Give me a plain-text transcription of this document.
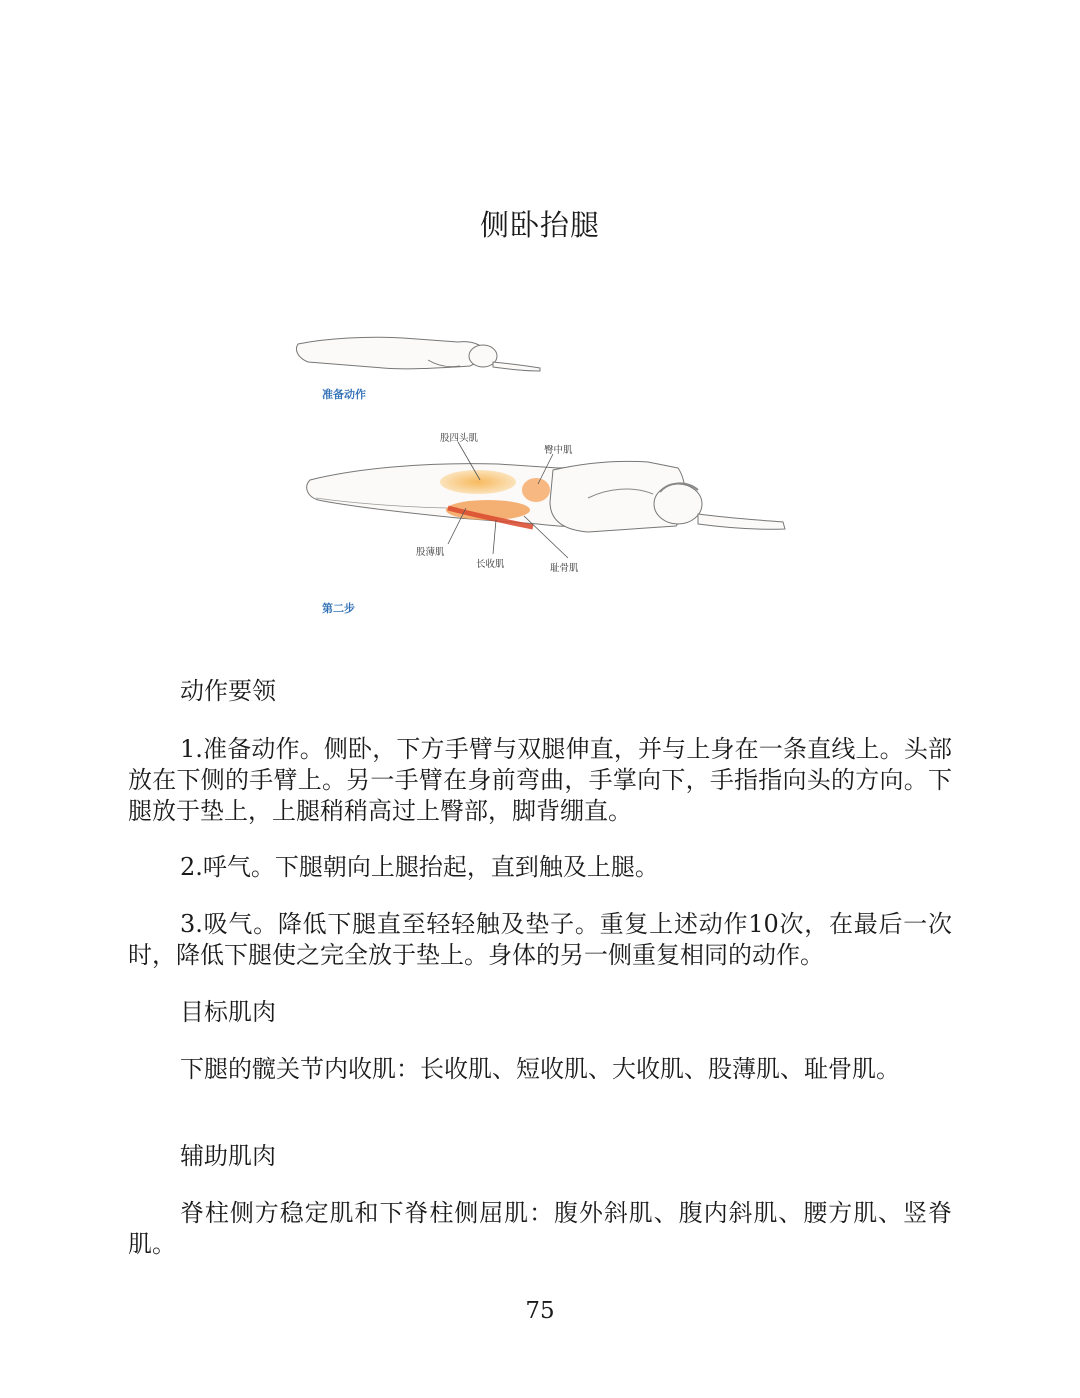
侧卧抬腿
准备动作
股四头肌
臀中肌
股薄肌
长收肌	耻骨肌
第二步
动作要领
1.准备动作。侧卧，下方手臂与双腿伸直，并与上身在一条直线上。头部放在下侧的手臂上。另一手臂在身前弯曲，手掌向下，手指指向头的方向。下腿放于垫上，上腿稍稍高过上臀部，脚背绷直。
2.呼气。下腿朝向上腿抬起，直到触及上腿。
3.吸气。降低下腿直至轻轻触及垫子。重复上述动作10次，在最后一次时，降低下腿使之完全放于垫上。身体的另一侧重复相同的动作。
目标肌肉
下腿的髋关节内收肌：长收肌、短收肌、大收肌、股薄肌、耻骨肌。
辅助肌肉
脊柱侧方稳定肌和下脊柱侧屈肌：腹外斜肌、腹内斜肌、腰方肌、竖脊肌。
75
